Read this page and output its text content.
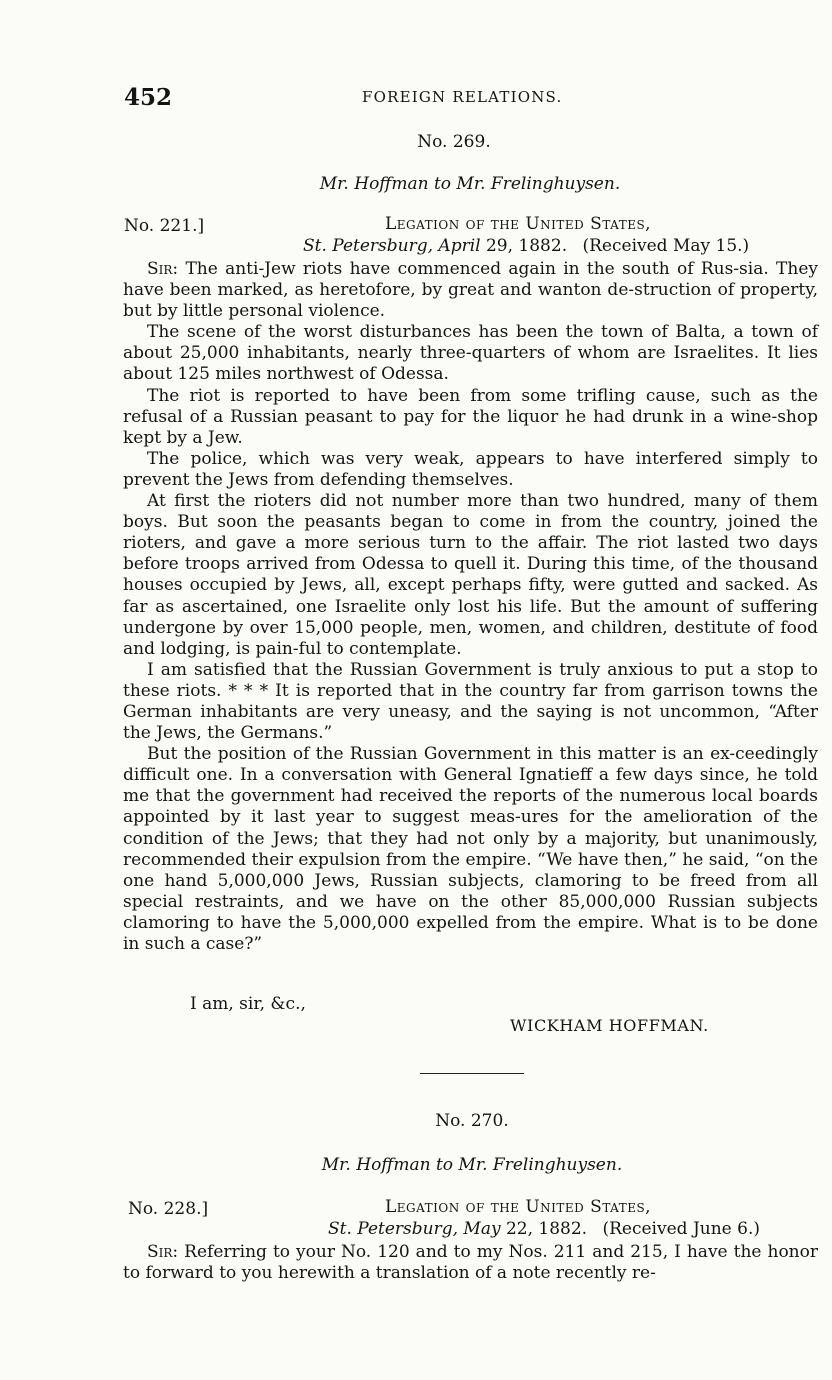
452	FOREIGN RELATIONS.
No. 269.
Mr. Hoffman to Mr. Frelinghuysen.
No. 221.]	Legation of the United States,
St. Petersburg, April 29, 1882. (Received May 15.)

Sir: The anti-Jew riots have commenced again in the south of Rus-sia. They have been marked, as heretofore, by great and wanton de-struction of property, but by little personal violence.

The scene of the worst disturbances has been the town of Balta, a town of about 25,000 inhabitants, nearly three-quarters of whom are Israelites. It lies about 125 miles northwest of Odessa.

The riot is reported to have been from some trifling cause, such as the refusal of a Russian peasant to pay for the liquor he had drunk in a wine-shop kept by a Jew.

The police, which was very weak, appears to have interfered simply to prevent the Jews from defending themselves.

At first the rioters did not number more than two hundred, many of them boys. But soon the peasants began to come in from the country, joined the rioters, and gave a more serious turn to the affair. The riot lasted two days before troops arrived from Odessa to quell it. During this time, of the thousand houses occupied by Jews, all, except perhaps fifty, were gutted and sacked. As far as ascertained, one Israelite only lost his life. But the amount of suffering undergone by over 15,000 people, men, women, and children, destitute of food and lodging, is pain-ful to contemplate.

I am satisfied that the Russian Government is truly anxious to put a stop to these riots. * * * It is reported that in the country far from garrison towns the German inhabitants are very uneasy, and the saying is not uncommon, “After the Jews, the Germans.”

But the position of the Russian Government in this matter is an ex-ceedingly difficult one. In a conversation with General Ignatieff a few days since, he told me that the government had received the reports of the numerous local boards appointed by it last year to suggest meas-ures for the amelioration of the condition of the Jews; that they had not only by a majority, but unanimously, recommended their expulsion from the empire. “We have then,” he said, “on the one hand 5,000,000 Jews, Russian subjects, clamoring to be freed from all special restraints, and we have on the other 85,000,000 Russian subjects clamoring to have the 5,000,000 expelled from the empire. What is to be done in such a case?”

I am, sir, &c.,
WICKHAM HOFFMAN.
No. 270.
Mr. Hoffman to Mr. Frelinghuysen.
No. 228.]	Legation of the United States,
St. Petersburg, May 22, 1882. (Received June 6.)

Sir: Referring to your No. 120 and to my Nos. 211 and 215, I have the honor to forward to you herewith a translation of a note recently re-
